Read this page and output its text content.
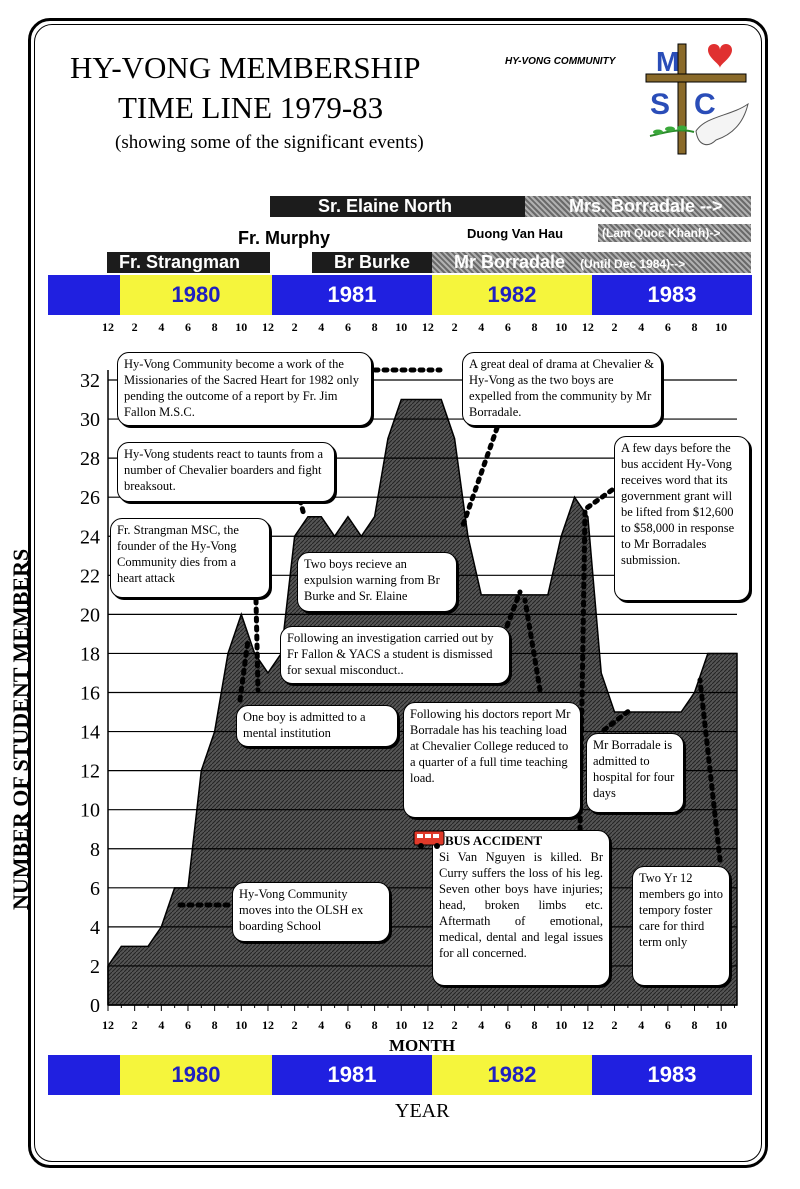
HY-VONG MEMBERSHIP
TIME LINE 1979-83
(showing some of the significant events)
HY-VONG COMMUNITY M
S C
Sr. Elaine North	Mrs. Borradale -->
Fr. Murphy	Duong Van Hau	(Lam Quoc Khanh)->
Fr. Strangman	Br Burke	Mr Borradale (Until Dec 1984)-->
1980	1981	1982	1983
12 2 4 6 8 10 12 2 4 6 8 10 12 2 4 6 8 10 12 2 4 6 8 10
0
2
4
6
8
10
12
14
16
18
20
22
24
26
28
30
32
NUMBER OF STUDENT MEMBERS
Hy-Vong Community become a work of the Missionaries of the Sacred Heart for 1982 only pending the outcome of a report by Fr. Jim Fallon M.S.C.
A great deal of drama at Chevalier & Hy-Vong as the two boys are expelled from the community by Mr Borradale.
Hy-Vong students react to taunts from a number of Chevalier boarders and fight breaksout.
A few days before the bus accident Hy-Vong receives word that its government grant will be lifted from $12,600 to $58,000 in response to Mr Borradales submission.
Fr. Strangman MSC, the founder of the Hy-Vong Community dies from a heart attack
Two boys recieve an expulsion warning from Br Burke and Sr. Elaine
Following an investigation carried out by Fr Fallon & YACS a student is dismissed for sexual misconduct..
One boy is admitted to a mental institution
Following his doctors report Mr Borradale has his teaching load at Chevalier College reduced to a quarter of a full time teaching load.
Mr Borradale is admitted to hospital for four days
BUS ACCIDENT
Si Van Nguyen is killed. Br Curry suffers the loss of his leg. Seven other boys have injuries; head, broken limbs etc. Aftermath of emotional, medical, dental and legal issues for all concerned.
Hy-Vong Community moves into the OLSH ex boarding School
Two Yr 12 members go into tempory foster care for third term only
12 2 4 6 8 10 12 2 4 6 8 10 12 2 4 6 8 10 12 2 4 6 8 10
MONTH
1980	1981	1982	1983
YEAR
